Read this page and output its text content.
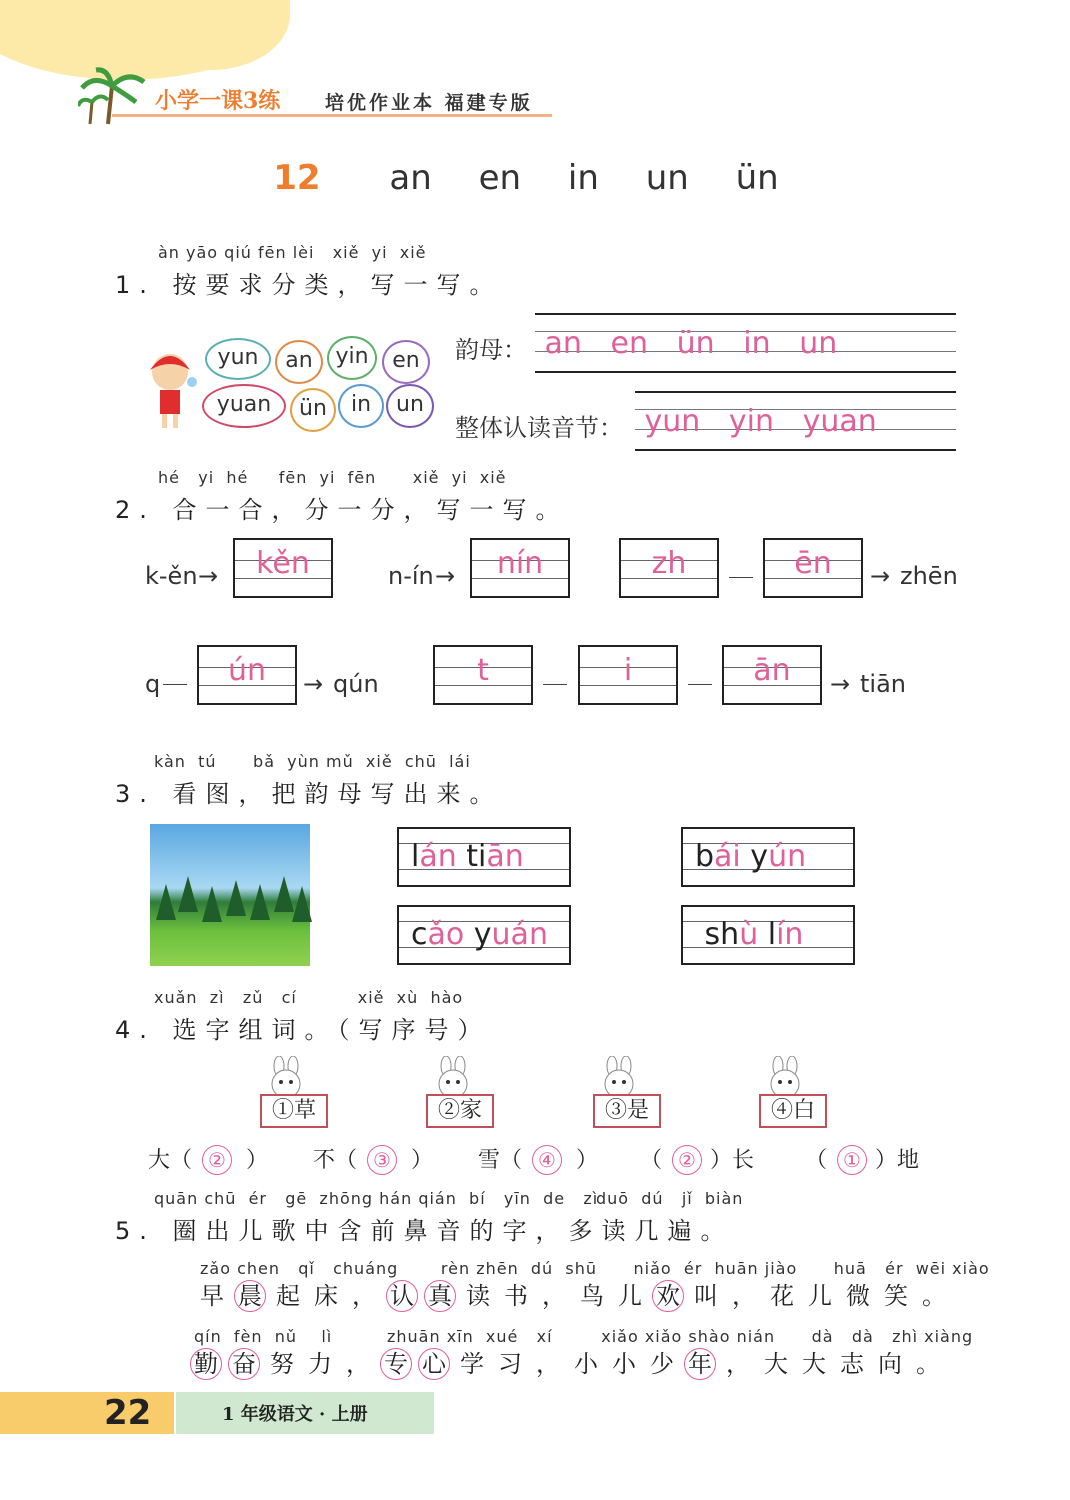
小学一课3练 培优作业本 福建专版
12 an en in un ün
àn yāo qiú fēn lèi   xiě  yi  xiě
1. 按要求分类，写一写。
yun	an	yin	en
yuan	ün	in	un
韵母： an   en   ün   in   un
整体认读音节： yun   yin   yuan
hé   yi  hé     fēn  yi  fēn      xiě  yi  xiě
2. 合一合，分一分，写一写。
k-ěn →	kěn	n-ín →	nín	zh	ēn	→ zhēn
q	ún	→ qún	t	i	ān	→ tiān
kàn  tú      bǎ  yùn mǔ  xiě  chū  lái
3. 看图，把韵母写出来。
lán tiān	bái yún
cǎo yuán	shù lín
xuǎn  zì   zǔ   cí          xiě  xù  hào
4. 选字组词。（写序号）
①草	②家	③是	④白
大（ ② ） 不（ ③ ） 雪（ ④ ） （ ② ）长 （ ① ）地
quān chū  ér   gē  zhōng hán qián  bí   yīn  de   zì
duō  dú   jǐ  biàn
5. 圈出儿歌中含前鼻音的字，多读几遍。
zǎo chen   qǐ   chuáng       rèn zhēn  dú  shū      niǎo  ér  huān jiào      huā   ér  wēi xiào
早 晨 起 床 ， 认 真 读 书 ， 鸟 儿 欢 叫 ， 花 儿 微 笑 。
qín  fèn  nǔ    lì         zhuān xīn  xué   xí        xiǎo xiǎo shào nián      dà   dà   zhì xiàng
勤 奋 努 力 ， 专 心 学 习 ， 小 小 少 年 ， 大 大 志 向 。
22	1 年级语文 · 上册
